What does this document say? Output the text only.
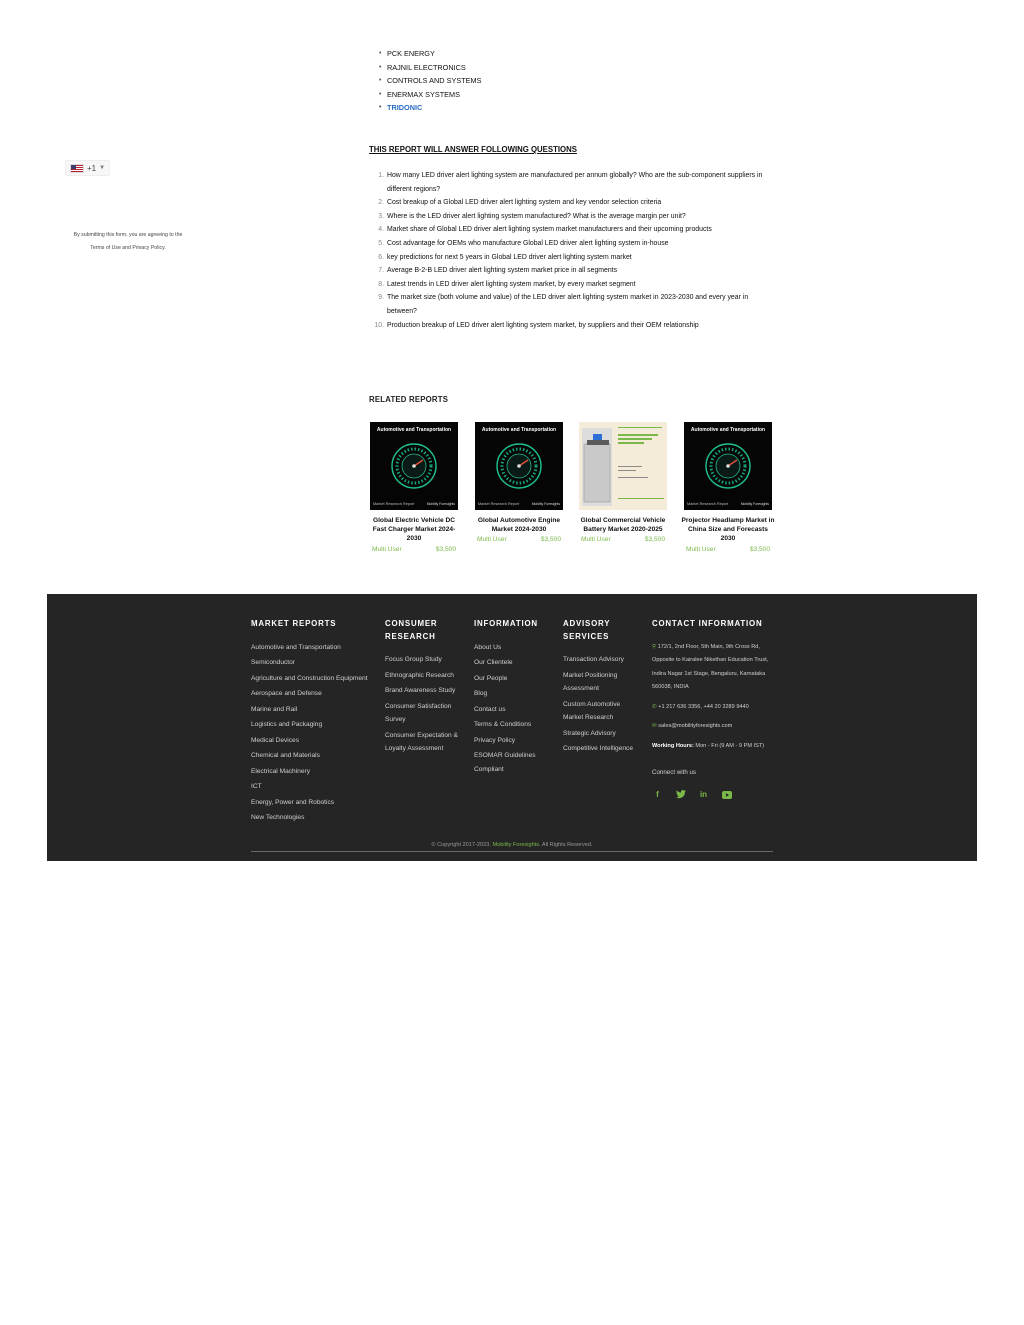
+1 ▼
By submitting this form, you are agreeing to the Terms of Use and Privacy Policy.
• PCK ENERGY
• RAJNIL ELECTRONICS
• CONTROLS AND SYSTEMS
• ENERMAX SYSTEMS
• TRIDONIC
THIS REPORT WILL ANSWER FOLLOWING QUESTIONS
1. How many LED driver alert lighting system are manufactured per annum globally? Who are the sub-component suppliers in different regions?
2. Cost breakup of a Global LED driver alert lighting system and key vendor selection criteria
3. Where is the LED driver alert lighting system manufactured? What is the average margin per unit?
4. Market share of Global LED driver alert lighting system market manufacturers and their upcoming products
5. Cost advantage for OEMs who manufacture Global LED driver alert lighting system in-house
6. key predictions for next 5 years in Global LED driver alert lighting system market
7. Average B-2-B LED driver alert lighting system market price in all segments
8. Latest trends in LED driver alert lighting system market, by every market segment
9. The market size (both volume and value) of the LED driver alert lighting system market in 2023-2030 and every year in between?
10. Production breakup of LED driver alert lighting system market, by suppliers and their OEM relationship
RELATED REPORTS
Automotive and Transportation
Market Research Report	Mobility Foresights
Global Electric Vehicle DC Fast Charger Market 2024-2030
Multi User	$3,500
Automotive and Transportation
Market Research Report	Mobility Foresights
Global Automotive Engine Market 2024-2030
Multi User	$3,500
Global Commercial Vehicle Battery Market 2020-2025
Multi User	$3,500
Automotive and Transportation
Market Research Report	Mobility Foresights
Projector Headlamp Market in China Size and Forecasts 2030
Multi User	$3,500
MARKET REPORTS
Automotive and Transportation
Semiconductor
Agriculture and Construction Equipment
Aerospace and Defense
Marine and Rail
Logistics and Packaging
Medical Devices
Chemical and Materials
Electrical Machinery
ICT
Energy, Power and Robotics
New Technologies
CONSUMER RESEARCH
Focus Group Study
Ethnographic Research
Brand Awareness Study
Consumer Satisfaction Survey
Consumer Expectation & Loyalty Assessment
INFORMATION
About Us
Our Clientele
Our People
Blog
Contact us
Terms & Conditions
Privacy Policy
ESOMAR Guidelines Compliant
ADVISORY SERVICES
Transaction Advisory
Market Positioning Assessment
Custom Automotive Market Research
Strategic Advisory
Competitive Intelligence
CONTACT INFORMATION
⚲ 172/1, 2nd Floor, 5th Main, 9th Cross Rd, Opposite to Kairalee Nikethan Education Trust, Indira Nagar 1st Stage, Bengaluru, Karnataka 560038, INDIA
✆ +1 217 636 3356, +44 20 3289 9440
✉ sales@mobilityforesights.com
Working Hours: Mon - Fri (9 AM - 9 PM IST)
Connect with us
f	in
© Copyright 2017-2023. Mobility Foresights. All Rights Reserved.
